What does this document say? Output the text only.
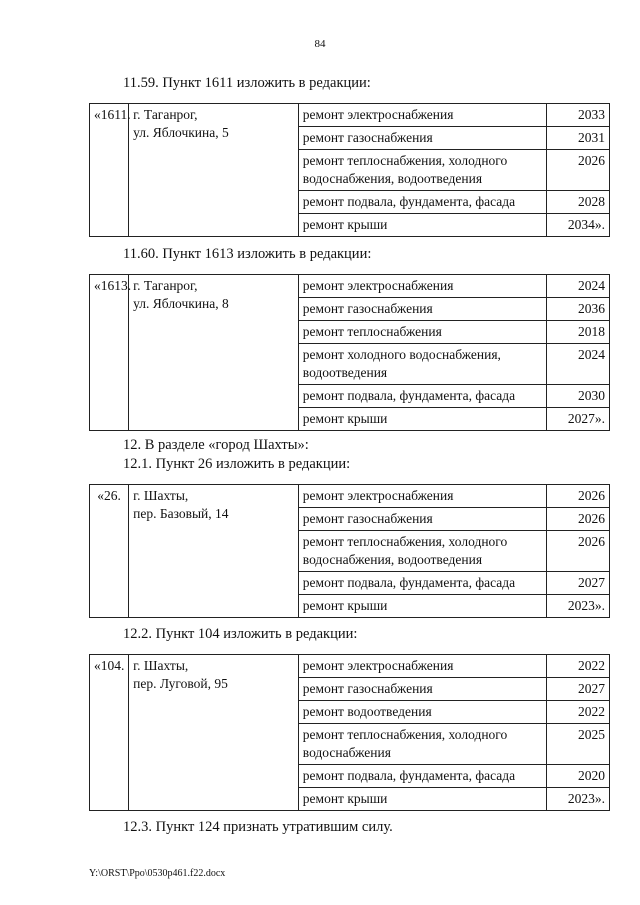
84
11.59. Пункт 1611 изложить в редакции:
«1611.	г. Таганрог,
ул. Яблочкина, 5	ремонт электроснабжения	2033
		ремонт газоснабжения	2031
		ремонт теплоснабжения, холодного водоснабжения, водоотведения	2026
		ремонт подвала, фундамента, фасада	2028
		ремонт крыши	2034».
11.60. Пункт 1613 изложить в редакции:
«1613.	г. Таганрог,
ул. Яблочкина, 8	ремонт электроснабжения	2024
		ремонт газоснабжения	2036
		ремонт теплоснабжения	2018
		ремонт холодного водоснабжения, водоотведения	2024
		ремонт подвала, фундамента, фасада	2030
		ремонт крыши	2027».
12. В разделе «город Шахты»:
12.1. Пункт 26 изложить в редакции:
«26.	г. Шахты,
пер. Базовый, 14	ремонт электроснабжения	2026
		ремонт газоснабжения	2026
		ремонт теплоснабжения, холодного водоснабжения, водоотведения	2026
		ремонт подвала, фундамента, фасада	2027
		ремонт крыши	2023».
12.2. Пункт 104 изложить в редакции:
«104.	г. Шахты,
пер. Луговой, 95	ремонт электроснабжения	2022
		ремонт газоснабжения	2027
		ремонт водоотведения	2022
		ремонт теплоснабжения, холодного водоснабжения	2025
		ремонт подвала, фундамента, фасада	2020
		ремонт крыши	2023».
12.3. Пункт 124 признать утратившим силу.
Y:\ORST\Ppo\0530p461.f22.docx
